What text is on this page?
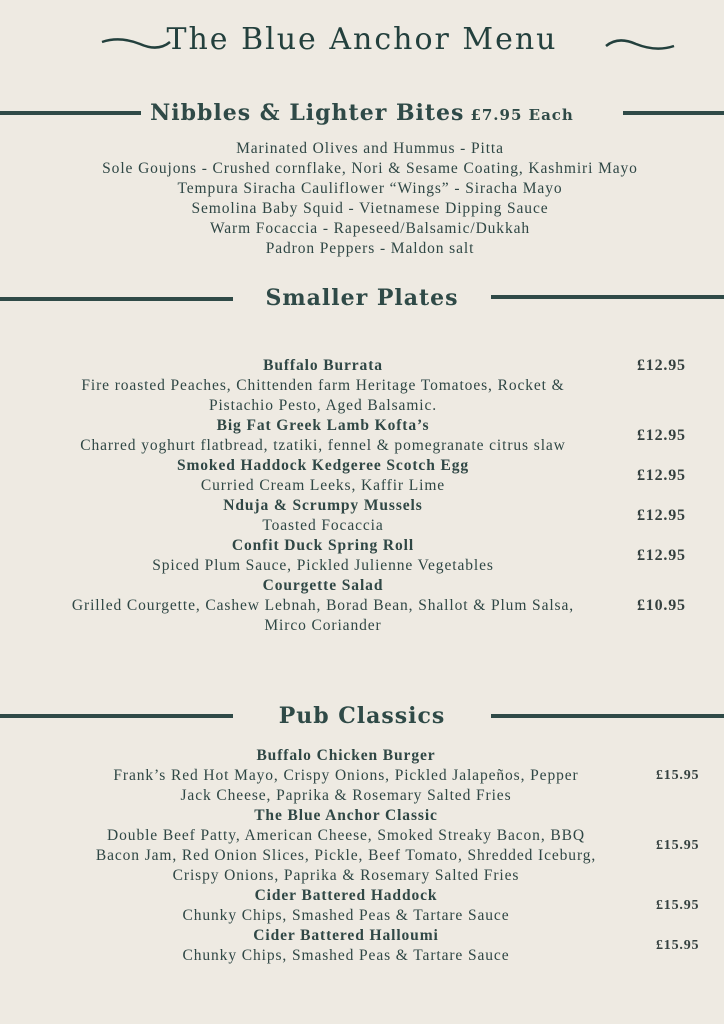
The Blue Anchor Menu
Nibbles & Lighter Bites £7.95 Each
Smaller Plates
Pub Classics
Marinated Olives and Hummus - Pitta
Sole Goujons - Crushed cornflake, Nori & Sesame Coating, Kashmiri Mayo
Tempura Siracha Cauliflower “Wings” - Siracha Mayo
Semolina Baby Squid - Vietnamese Dipping Sauce
Warm Focaccia - Rapeseed/Balsamic/Dukkah
Padron Peppers - Maldon salt
Buffalo Burrata
Fire roasted Peaches, Chittenden farm Heritage Tomatoes, Rocket &
Pistachio Pesto, Aged Balsamic.
£12.95
Big Fat Greek Lamb Kofta’s
Charred yoghurt flatbread, tzatiki, fennel & pomegranate citrus slaw
£12.95
Smoked Haddock Kedgeree Scotch Egg
Curried Cream Leeks, Kaffir Lime
£12.95
Nduja & Scrumpy Mussels
Toasted Focaccia
£12.95
Confit Duck Spring Roll
Spiced Plum Sauce, Pickled Julienne Vegetables
£12.95
Courgette Salad
Grilled Courgette, Cashew Lebnah, Borad Bean, Shallot & Plum Salsa,
Mirco Coriander
£10.95
Buffalo Chicken Burger
Frank’s Red Hot Mayo, Crispy Onions, Pickled Jalapeños, Pepper
Jack Cheese, Paprika & Rosemary Salted Fries
£15.95
The Blue Anchor Classic
Double Beef Patty, American Cheese, Smoked Streaky Bacon, BBQ
Bacon Jam, Red Onion Slices, Pickle, Beef Tomato, Shredded Iceburg,
Crispy Onions, Paprika & Rosemary Salted Fries
£15.95
Cider Battered Haddock
Chunky Chips, Smashed Peas & Tartare Sauce
£15.95
Cider Battered Halloumi
Chunky Chips, Smashed Peas & Tartare Sauce
£15.95
